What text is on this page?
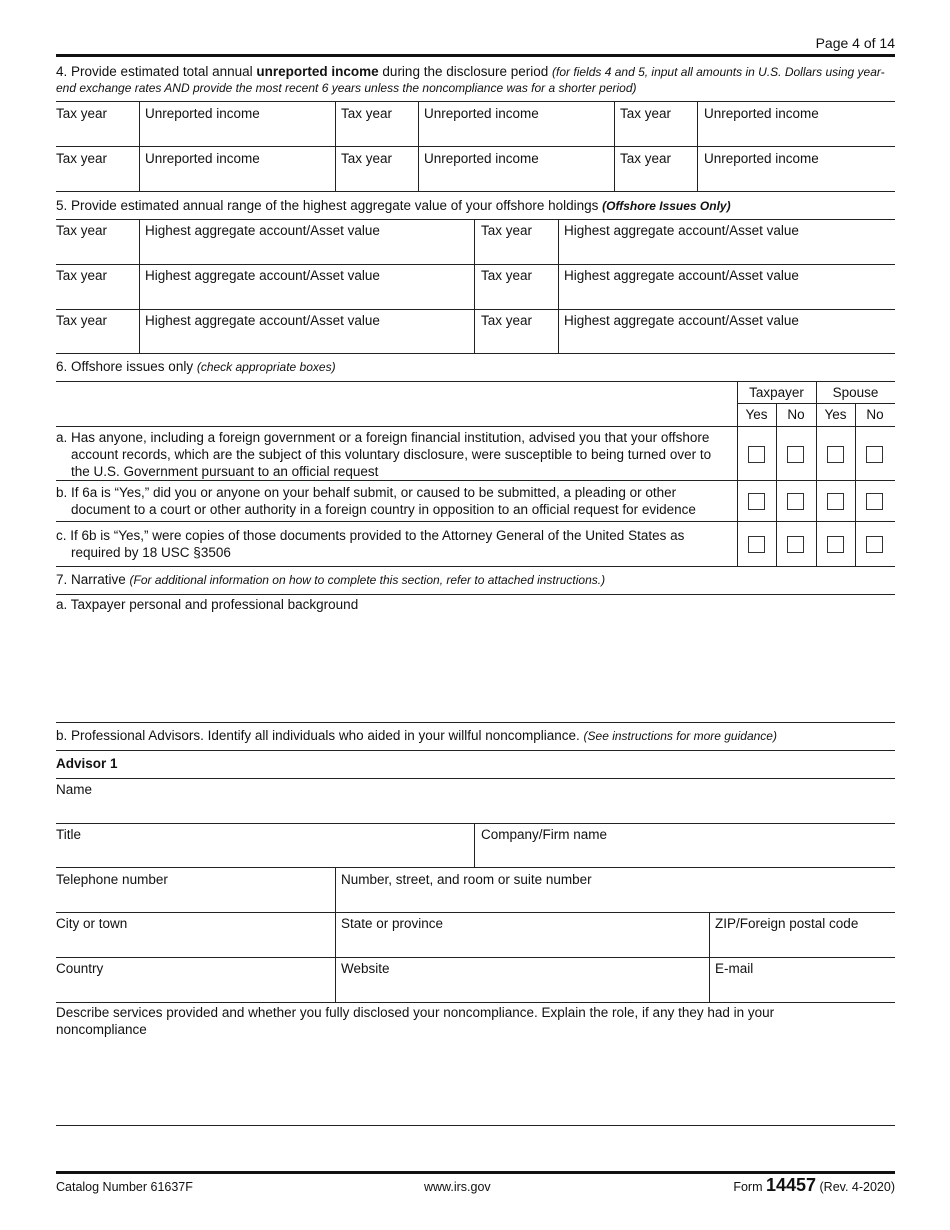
Page 4 of 14
4. Provide estimated total annual unreported income during the disclosure period (for fields 4 and 5, input all amounts in U.S. Dollars using year-end exchange rates AND provide the most recent 6 years unless the noncompliance was for a shorter period)
Tax year	Unreported income	Tax year Unreported income	Tax year Unreported income
Tax year	Unreported income	Tax year Unreported income	Tax year Unreported income
5. Provide estimated annual range of the highest aggregate value of your offshore holdings (Offshore Issues Only)
Tax year	Highest aggregate account/Asset value	Tax year Highest aggregate account/Asset value
Tax year	Highest aggregate account/Asset value	Tax year Highest aggregate account/Asset value
Tax year	Highest aggregate account/Asset value	Tax year Highest aggregate account/Asset value
6. Offshore issues only (check appropriate boxes)
Taxpayer	Spouse
Yes	No	Yes	No
a. Has anyone, including a foreign government or a foreign financial institution, advised you that your offshore account records, which are the subject of this voluntary disclosure, were susceptible to being turned over to the U.S. Government pursuant to an official request
b. If 6a is “Yes,” did you or anyone on your behalf submit, or caused to be submitted, a pleading or other document to a court or other authority in a foreign country in opposition to an official request for evidence
c. If 6b is “Yes,” were copies of those documents provided to the Attorney General of the United States as required by 18 USC §3506
7. Narrative (For additional information on how to complete this section, refer to attached instructions.)
a. Taxpayer personal and professional background
b. Professional Advisors. Identify all individuals who aided in your willful noncompliance. (See instructions for more guidance)
Advisor 1
Name
Title	Company/Firm name
Telephone number	Number, street, and room or suite number
City or town	State or province	ZIP/Foreign postal code
Country	Website	E-mail
Describe services provided and whether you fully disclosed your noncompliance. Explain the role, if any they had in your noncompliance
Catalog Number 61637F	www.irs.gov	Form 14457 (Rev. 4-2020)
